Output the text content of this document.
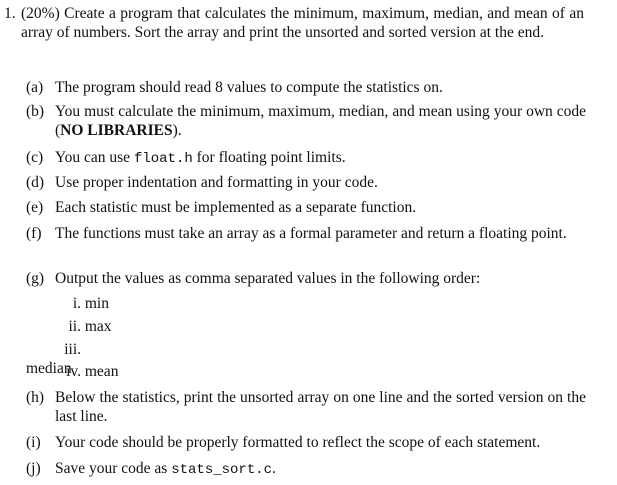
1. (20%) Create a program that calculates the minimum, maximum, median, and mean of an array of numbers. Sort the array and print the unsorted and sorted version at the end.
(a) The program should read 8 values to compute the statistics on.
(b) You must calculate the minimum, maximum, median, and mean using your own code (NO LIBRARIES).
(c) You can use float.h for floating point limits.
(d) Use proper indentation and formatting in your code.
(e) Each statistic must be implemented as a separate function.
(f) The functions must take an array as a formal parameter and return a floating point.
(g) Output the values as comma separated values in the following order:
i. min
ii. max
iii. median
iv. mean
(h) Below the statistics, print the unsorted array on one line and the sorted version on the last line.
(i) Your code should be properly formatted to reflect the scope of each statement.
(j) Save your code as stats_sort.c.
